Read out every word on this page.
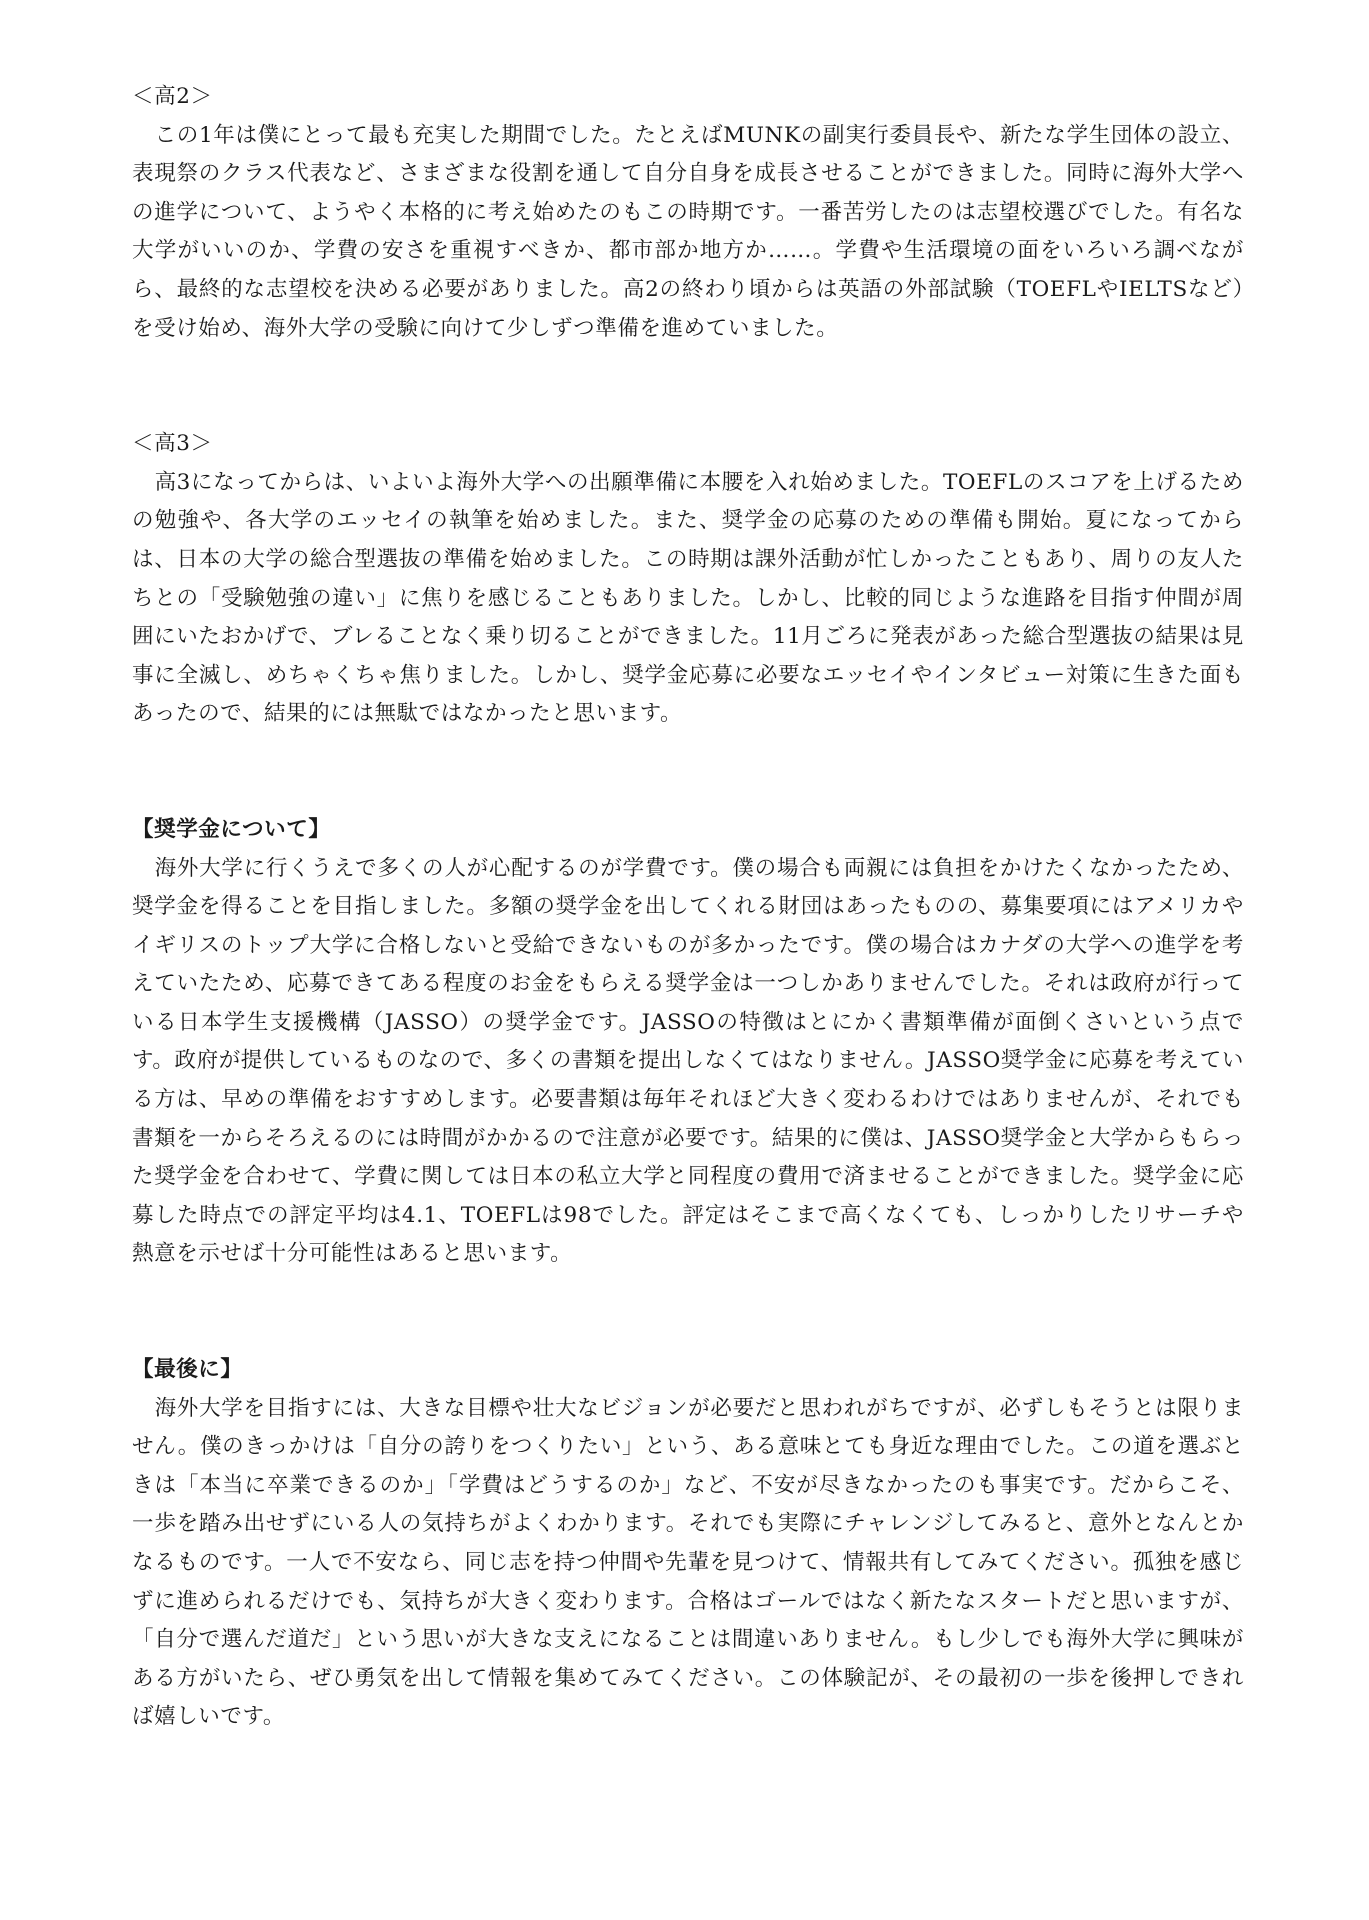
＜高2＞

この1年は僕にとって最も充実した期間でした。たとえばMUNKの副実行委員長や、新たな学生団体の設立、表現祭のクラス代表など、さまざまな役割を通して自分自身を成長させることができました。同時に海外大学への進学について、ようやく本格的に考え始めたのもこの時期です。一番苦労したのは志望校選びでした。有名な大学がいいのか、学費の安さを重視すべきか、都市部か地方か……。学費や生活環境の面をいろいろ調べながら、最終的な志望校を決める必要がありました。高2の終わり頃からは英語の外部試験（TOEFLやIELTSなど）を受け始め、海外大学の受験に向けて少しずつ準備を進めていました。

＜高3＞

高3になってからは、いよいよ海外大学への出願準備に本腰を入れ始めました。TOEFLのスコアを上げるための勉強や、各大学のエッセイの執筆を始めました。また、奨学金の応募のための準備も開始。夏になってからは、日本の大学の総合型選抜の準備を始めました。この時期は課外活動が忙しかったこともあり、周りの友人たちとの「受験勉強の違い」に焦りを感じることもありました。しかし、比較的同じような進路を目指す仲間が周囲にいたおかげで、ブレることなく乗り切ることができました。11月ごろに発表があった総合型選抜の結果は見事に全滅し、めちゃくちゃ焦りました。しかし、奨学金応募に必要なエッセイやインタビュー対策に生きた面もあったので、結果的には無駄ではなかったと思います。

【奨学金について】

海外大学に行くうえで多くの人が心配するのが学費です。僕の場合も両親には負担をかけたくなかったため、奨学金を得ることを目指しました。多額の奨学金を出してくれる財団はあったものの、募集要項にはアメリカやイギリスのトップ大学に合格しないと受給できないものが多かったです。僕の場合はカナダの大学への進学を考えていたため、応募できてある程度のお金をもらえる奨学金は一つしかありませんでした。それは政府が行っている日本学生支援機構（JASSO）の奨学金です。JASSOの特徴はとにかく書類準備が面倒くさいという点です。政府が提供しているものなので、多くの書類を提出しなくてはなりません。JASSO奨学金に応募を考えている方は、早めの準備をおすすめします。必要書類は毎年それほど大きく変わるわけではありませんが、それでも書類を一からそろえるのには時間がかかるので注意が必要です。結果的に僕は、JASSO奨学金と大学からもらった奨学金を合わせて、学費に関しては日本の私立大学と同程度の費用で済ませることができました。奨学金に応募した時点での評定平均は4.1、TOEFLは98でした。評定はそこまで高くなくても、しっかりしたリサーチや熱意を示せば十分可能性はあると思います。

【最後に】

海外大学を目指すには、大きな目標や壮大なビジョンが必要だと思われがちですが、必ずしもそうとは限りません。僕のきっかけは「自分の誇りをつくりたい」という、ある意味とても身近な理由でした。この道を選ぶときは「本当に卒業できるのか」「学費はどうするのか」など、不安が尽きなかったのも事実です。だからこそ、一歩を踏み出せずにいる人の気持ちがよくわかります。それでも実際にチャレンジしてみると、意外となんとかなるものです。一人で不安なら、同じ志を持つ仲間や先輩を見つけて、情報共有してみてください。孤独を感じずに進められるだけでも、気持ちが大きく変わります。合格はゴールではなく新たなスタートだと思いますが、「自分で選んだ道だ」という思いが大きな支えになることは間違いありません。もし少しでも海外大学に興味がある方がいたら、ぜひ勇気を出して情報を集めてみてください。この体験記が、その最初の一歩を後押しできれば嬉しいです。
